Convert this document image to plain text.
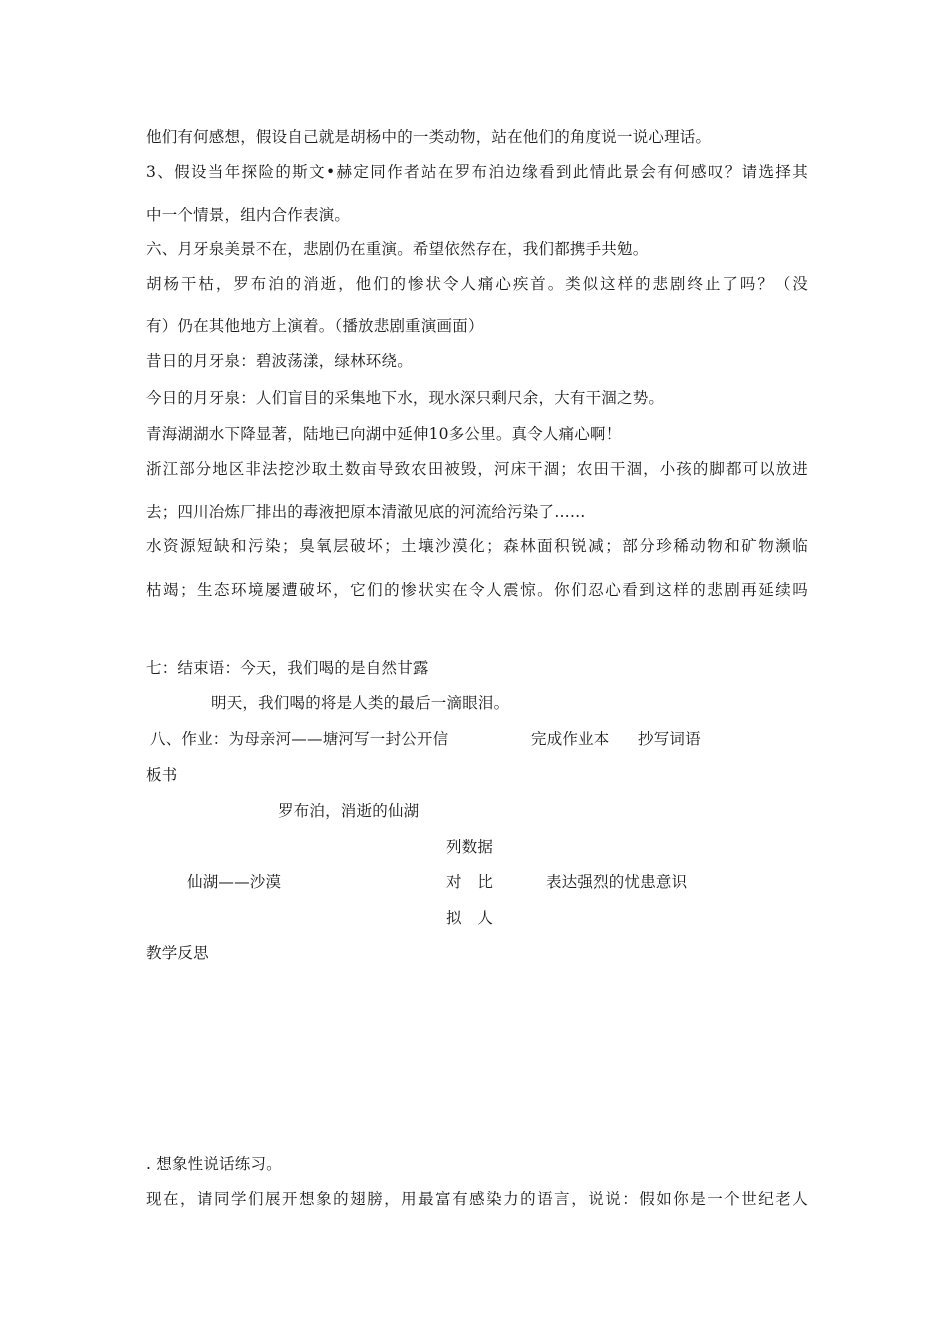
他们有何感想，假设自己就是胡杨中的一类动物，站在他们的角度说一说心理话。
3、假设当年探险的斯文•赫定同作者站在罗布泊边缘看到此情此景会有何感叹？请选择其
中一个情景，组内合作表演。
六、月牙泉美景不在，悲剧仍在重演。希望依然存在，我们都携手共勉。
胡杨干枯，罗布泊的消逝，他们的惨状令人痛心疾首。类似这样的悲剧终止了吗？（没
有）仍在其他地方上演着。（播放悲剧重演画面）
昔日的月牙泉：碧波荡漾，绿林环绕。
今日的月牙泉：人们盲目的采集地下水，现水深只剩尺余，大有干涸之势。
青海湖湖水下降显著，陆地已向湖中延伸10多公里。真令人痛心啊！
浙江部分地区非法挖沙取土数亩导致农田被毁，河床干涸；农田干涸，小孩的脚都可以放进
去；四川冶炼厂排出的毒液把原本清澈见底的河流给污染了……
水资源短缺和污染；臭氧层破坏；土壤沙漠化；森林面积锐减；部分珍稀动物和矿物濒临
枯竭；生态环境屡遭破坏，它们的惨状实在令人震惊。你们忍心看到这样的悲剧再延续吗
七：结束语：今天，我们喝的是自然甘露
明天，我们喝的将是人类的最后一滴眼泪。
八、作业：为母亲河——塘河写一封公开信	完成作业本 抄写词语
板书
罗布泊，消逝的仙湖
列数据
仙湖——沙漠	对　比	表达强烈的忧患意识
拟　人
教学反思
. 想象性说话练习。
现在，请同学们展开想象的翅膀，用最富有感染力的语言，说说：假如你是一个世纪老人
